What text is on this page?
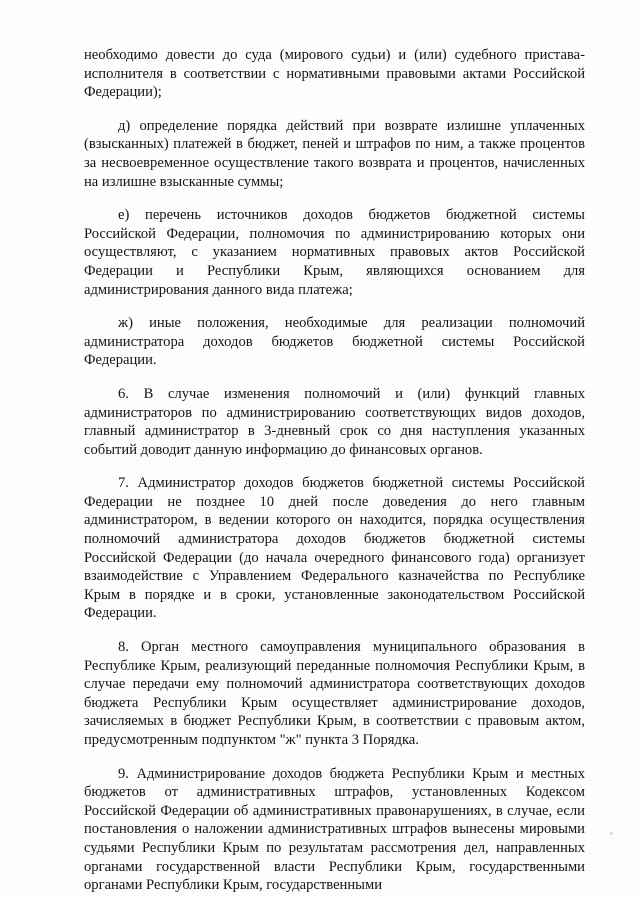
необходимо довести до суда (мирового судьи) и (или) судебного пристава-исполнителя в соответствии с нормативными правовыми актами Российской Федерации);

д) определение порядка действий при возврате излишне уплаченных (взысканных) платежей в бюджет, пеней и штрафов по ним, а также процентов за несвоевременное осуществление такого возврата и процентов, начисленных на излишне взысканные суммы;

е) перечень источников доходов бюджетов бюджетной системы Российской Федерации, полномочия по администрированию которых они осуществляют, с указанием нормативных правовых актов Российской Федерации и Республики Крым, являющихся основанием для администрирования данного вида платежа;

ж) иные положения, необходимые для реализации полномочий администратора доходов бюджетов бюджетной системы Российской Федерации.

6. В случае изменения полномочий и (или) функций главных администраторов по администрированию соответствующих видов доходов, главный администратор в 3-дневный срок со дня наступления указанных событий доводит данную информацию до финансовых органов.

7. Администратор доходов бюджетов бюджетной системы Российской Федерации не позднее 10 дней после доведения до него главным администратором, в ведении которого он находится, порядка осуществления полномочий администратора доходов бюджетов бюджетной системы Российской Федерации (до начала очередного финансового года) организует взаимодействие с Управлением Федерального казначейства по Республике Крым в порядке и в сроки, установленные законодательством Российской Федерации.

8. Орган местного самоуправления муниципального образования в Республике Крым, реализующий переданные полномочия Республики Крым, в случае передачи ему полномочий администратора соответствующих доходов бюджета Республики Крым осуществляет администрирование доходов, зачисляемых в бюджет Республики Крым, в соответствии с правовым актом, предусмотренным подпунктом "ж" пункта 3 Порядка.

9. Администрирование доходов бюджета Республики Крым и местных бюджетов от административных штрафов, установленных Кодексом Российской Федерации об административных правонарушениях, в случае, если постановления о наложении административных штрафов вынесены мировыми судьями Республики Крым по результатам рассмотрения дел, направленных органами государственной власти Республики Крым, государственными органами Республики Крым, государственными
